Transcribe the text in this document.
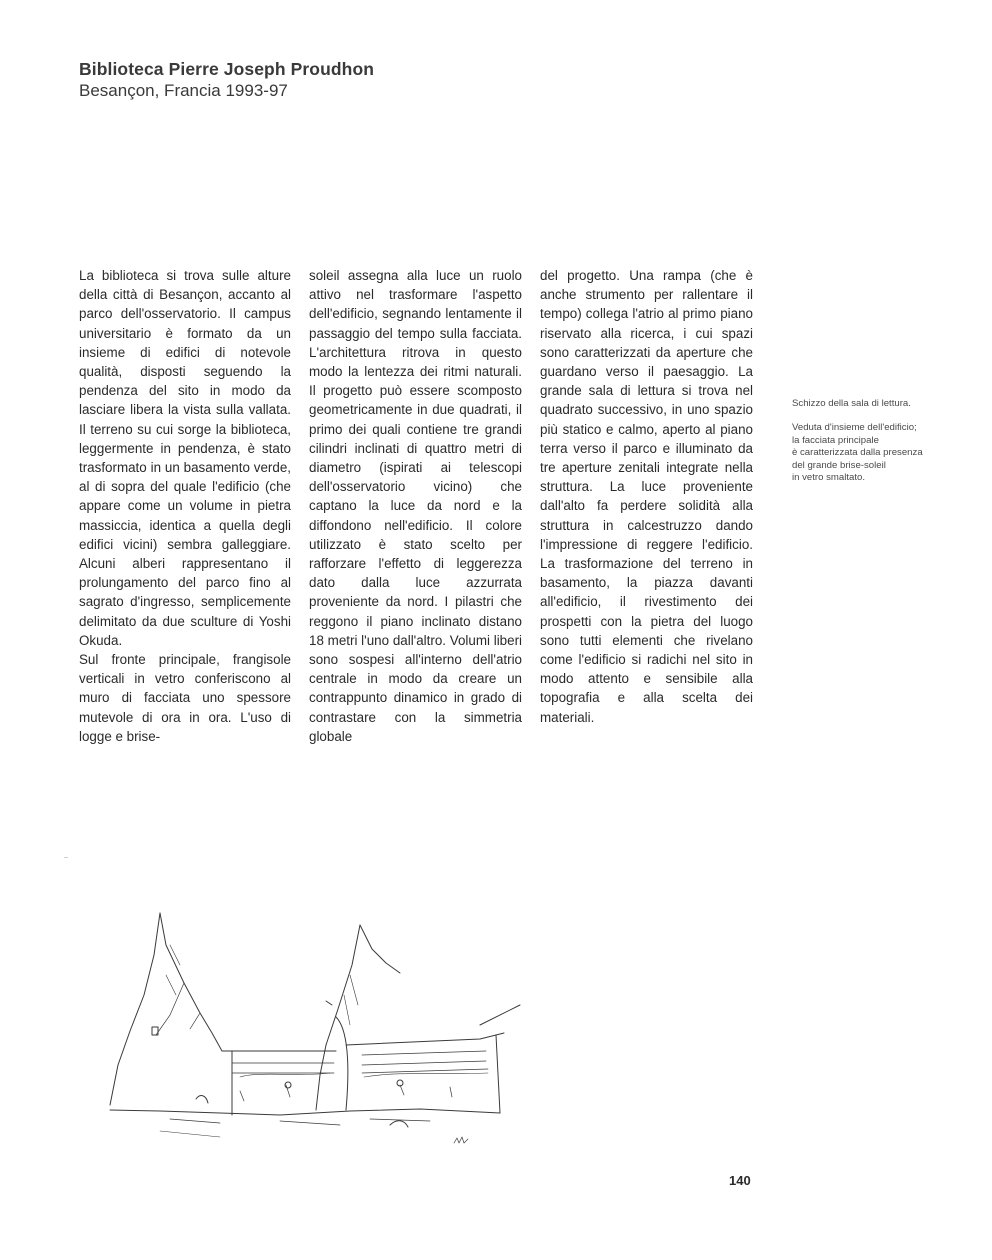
Biblioteca Pierre Joseph Proudhon
Besançon, Francia 1993-97

La biblioteca si trova sulle alture della città di Besançon, accanto al parco dell'osservatorio. Il campus universitario è formato da un insieme di edifici di notevole qualità, disposti seguendo la pendenza del sito in modo da lasciare libera la vista sulla vallata. Il terreno su cui sorge la biblioteca, leggermente in pendenza, è stato trasformato in un basamento verde, al di sopra del quale l'edificio (che appare come un volume in pietra massiccia, identica a quella degli edifici vicini) sembra galleggiare. Alcuni alberi rappresentano il prolungamento del parco fino al sagrato d'ingresso, semplicemente delimitato da due sculture di Yoshi Okuda.

Sul fronte principale, frangisole verticali in vetro conferiscono al muro di facciata uno spessore mutevole di ora in ora. L'uso di logge e brise-

soleil assegna alla luce un ruolo attivo nel trasformare l'aspetto dell'edificio, segnando lentamente il passaggio del tempo sulla facciata. L'architettura ritrova in questo modo la lentezza dei ritmi naturali. Il progetto può essere scomposto geometricamente in due quadrati, il primo dei quali contiene tre grandi cilindri inclinati di quattro metri di diametro (ispirati ai telescopi dell'osservatorio vicino) che captano la luce da nord e la diffondono nell'edificio. Il colore utilizzato è stato scelto per rafforzare l'effetto di leggerezza dato dalla luce azzurrata proveniente da nord. I pilastri che reggono il piano inclinato distano 18 metri l'uno dall'altro. Volumi liberi sono sospesi all'interno dell'atrio centrale in modo da creare un contrappunto dinamico in grado di contrastare con la simmetria globale

del progetto. Una rampa (che è anche strumento per rallentare il tempo) collega l'atrio al primo piano riservato alla ricerca, i cui spazi sono caratterizzati da aperture che guardano verso il paesaggio. La grande sala di lettura si trova nel quadrato successivo, in uno spazio più statico e calmo, aperto al piano terra verso il parco e illuminato da tre aperture zenitali integrate nella struttura. La luce proveniente dall'alto fa perdere solidità alla struttura in calcestruzzo dando l'impressione di reggere l'edificio. La trasformazione del terreno in basamento, la piazza davanti all'edificio, il rivestimento dei prospetti con la pietra del luogo sono tutti elementi che rivelano come l'edificio si radichi nel sito in modo attento e sensibile alla topografia e alla scelta dei materiali.

Schizzo della sala di lettura.

Veduta d'insieme dell'edificio;
la facciata principale
è caratterizzata dalla presenza
del grande brise-soleil
in vetro smaltato.

140
